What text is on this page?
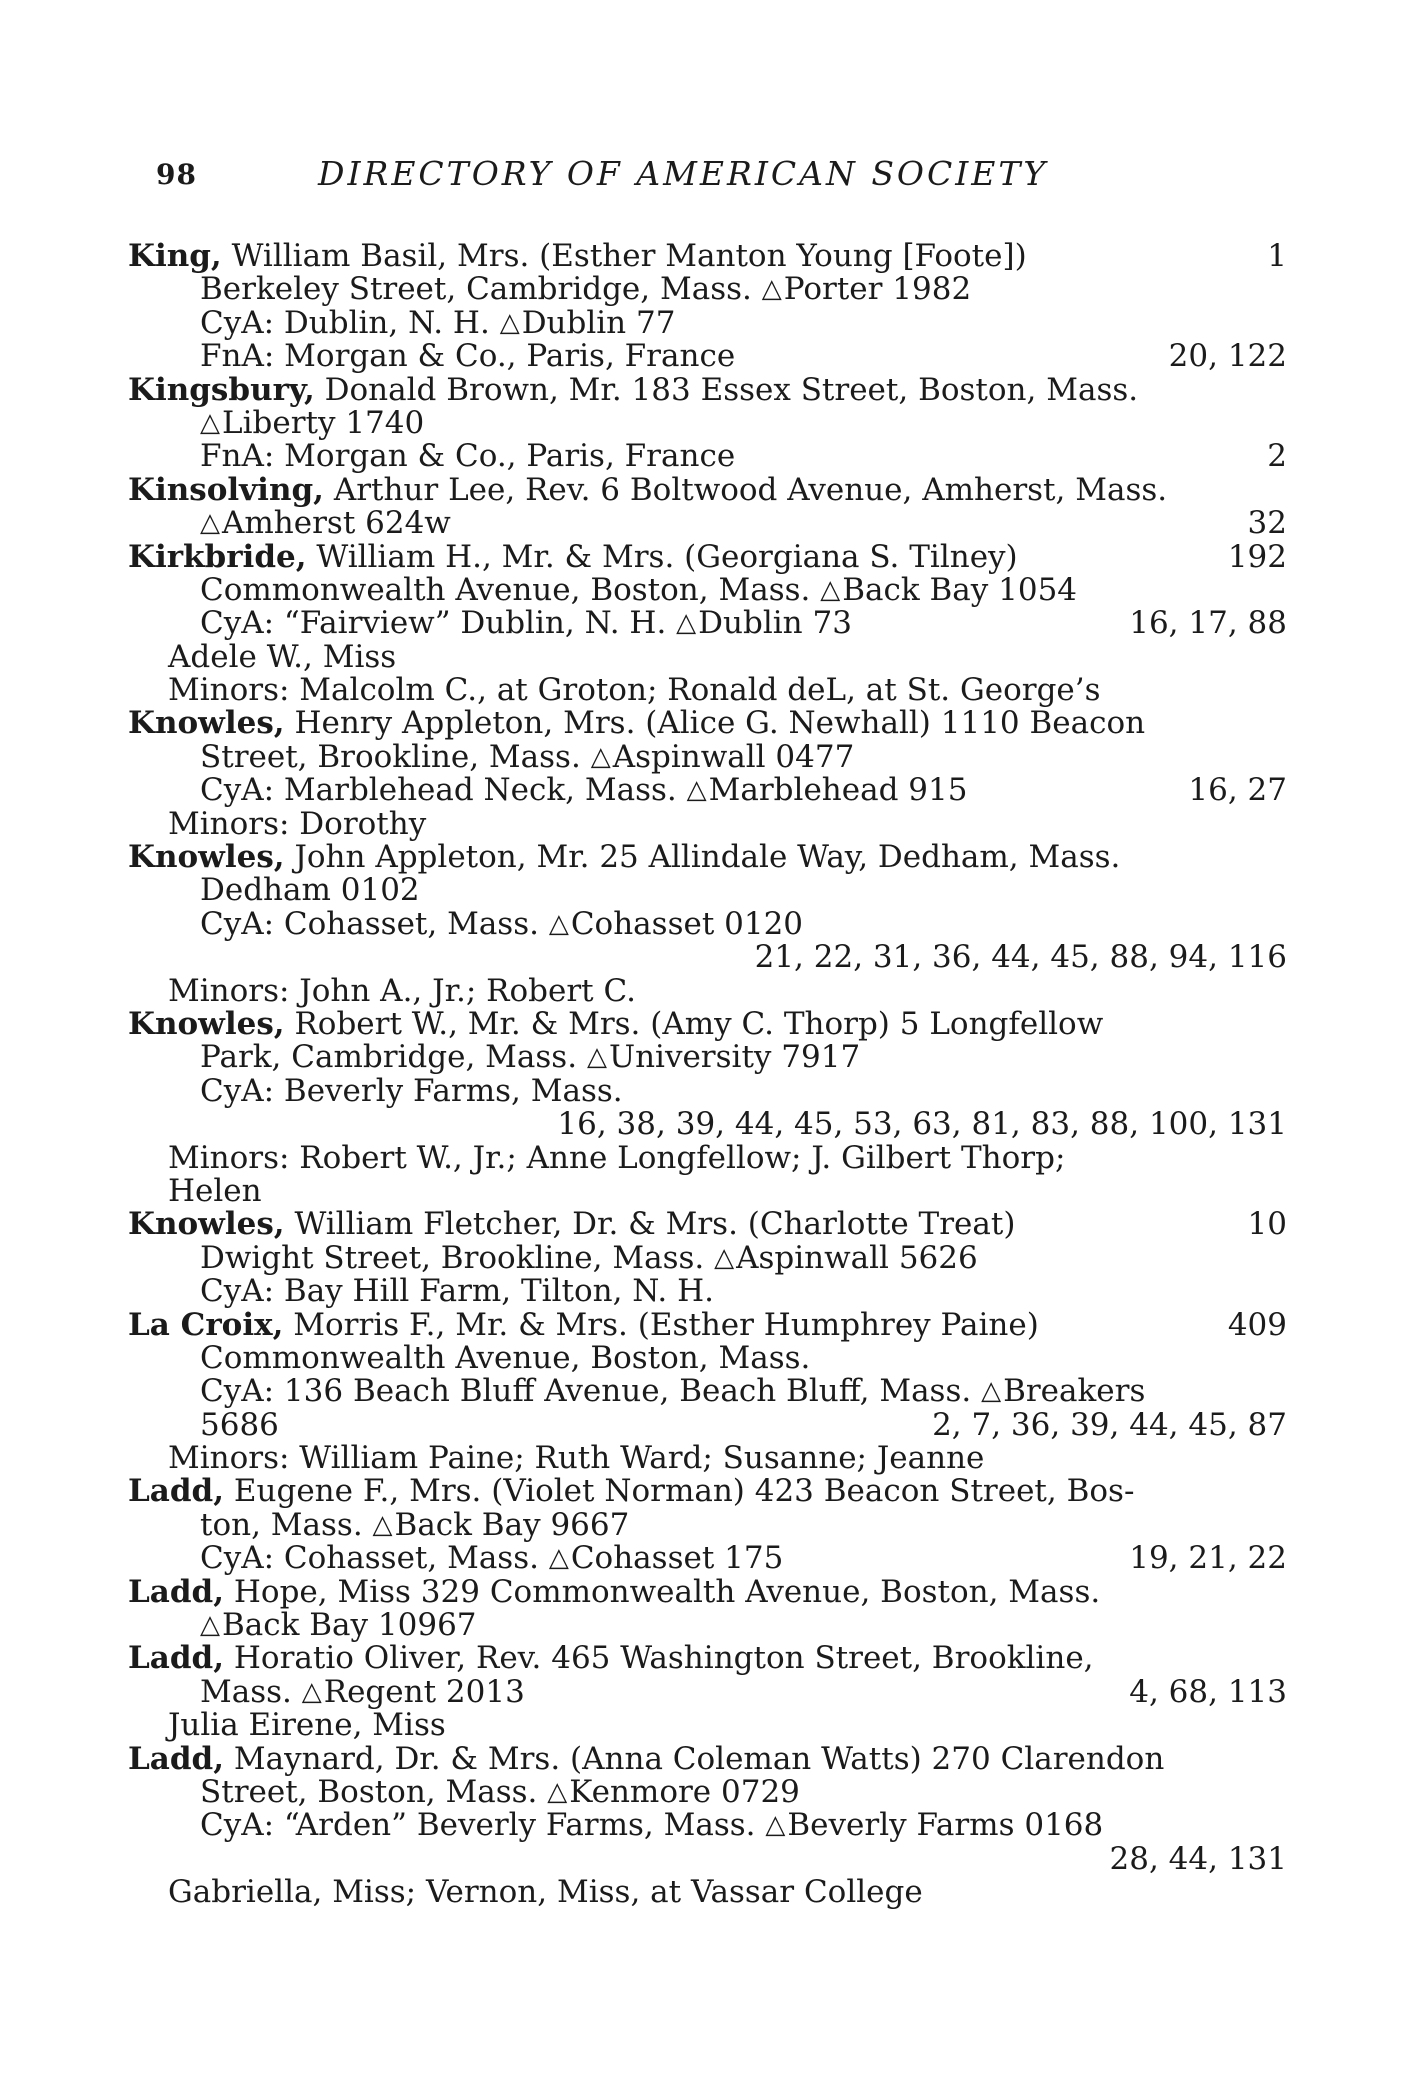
98	DIRECTORY OF AMERICAN SOCIETY
King, William Basil, Mrs. (Esther Manton Young [Foote])	1
Berkeley Street, Cambridge, Mass. △Porter 1982
CyA: Dublin, N. H. △Dublin 77
FnA: Morgan & Co., Paris, France	20, 122
Kingsbury, Donald Brown, Mr. 183 Essex Street, Boston, Mass.
△Liberty 1740
FnA: Morgan & Co., Paris, France	2
Kinsolving, Arthur Lee, Rev. 6 Boltwood Avenue, Amherst, Mass.
△Amherst 624w	32
Kirkbride, William H., Mr. & Mrs. (Georgiana S. Tilney)	192
Commonwealth Avenue, Boston, Mass. △Back Bay 1054
CyA: “Fairview” Dublin, N. H. △Dublin 73	16, 17, 88
Adele W., Miss
Minors: Malcolm C., at Groton; Ronald deL, at St. George’s
Knowles, Henry Appleton, Mrs. (Alice G. Newhall) 1110 Beacon
Street, Brookline, Mass. △Aspinwall 0477
CyA: Marblehead Neck, Mass. △Marblehead 915	16, 27
Minors: Dorothy
Knowles, John Appleton, Mr. 25 Allindale Way, Dedham, Mass.
Dedham 0102
CyA: Cohasset, Mass. △Cohasset 0120
21, 22, 31, 36, 44, 45, 88, 94, 116
Minors: John A., Jr.; Robert C.
Knowles, Robert W., Mr. & Mrs. (Amy C. Thorp) 5 Longfellow
Park, Cambridge, Mass. △University 7917
CyA: Beverly Farms, Mass.
16, 38, 39, 44, 45, 53, 63, 81, 83, 88, 100, 131
Minors: Robert W., Jr.; Anne Longfellow; J. Gilbert Thorp;
Helen
Knowles, William Fletcher, Dr. & Mrs. (Charlotte Treat)	10
Dwight Street, Brookline, Mass. △Aspinwall 5626
CyA: Bay Hill Farm, Tilton, N. H.
La Croix, Morris F., Mr. & Mrs. (Esther Humphrey Paine)	409
Commonwealth Avenue, Boston, Mass.
CyA: 136 Beach Bluff Avenue, Beach Bluff, Mass. △Breakers
5686	2, 7, 36, 39, 44, 45, 87
Minors: William Paine; Ruth Ward; Susanne; Jeanne
Ladd, Eugene F., Mrs. (Violet Norman) 423 Beacon Street, Bos-
ton, Mass. △Back Bay 9667
CyA: Cohasset, Mass. △Cohasset 175	19, 21, 22
Ladd, Hope, Miss 329 Commonwealth Avenue, Boston, Mass.
△Back Bay 10967
Ladd, Horatio Oliver, Rev. 465 Washington Street, Brookline,
Mass. △Regent 2013	4, 68, 113
Julia Eirene, Miss
Ladd, Maynard, Dr. & Mrs. (Anna Coleman Watts) 270 Clarendon
Street, Boston, Mass. △Kenmore 0729
CyA: “Arden” Beverly Farms, Mass. △Beverly Farms 0168
28, 44, 131
Gabriella, Miss; Vernon, Miss, at Vassar College
